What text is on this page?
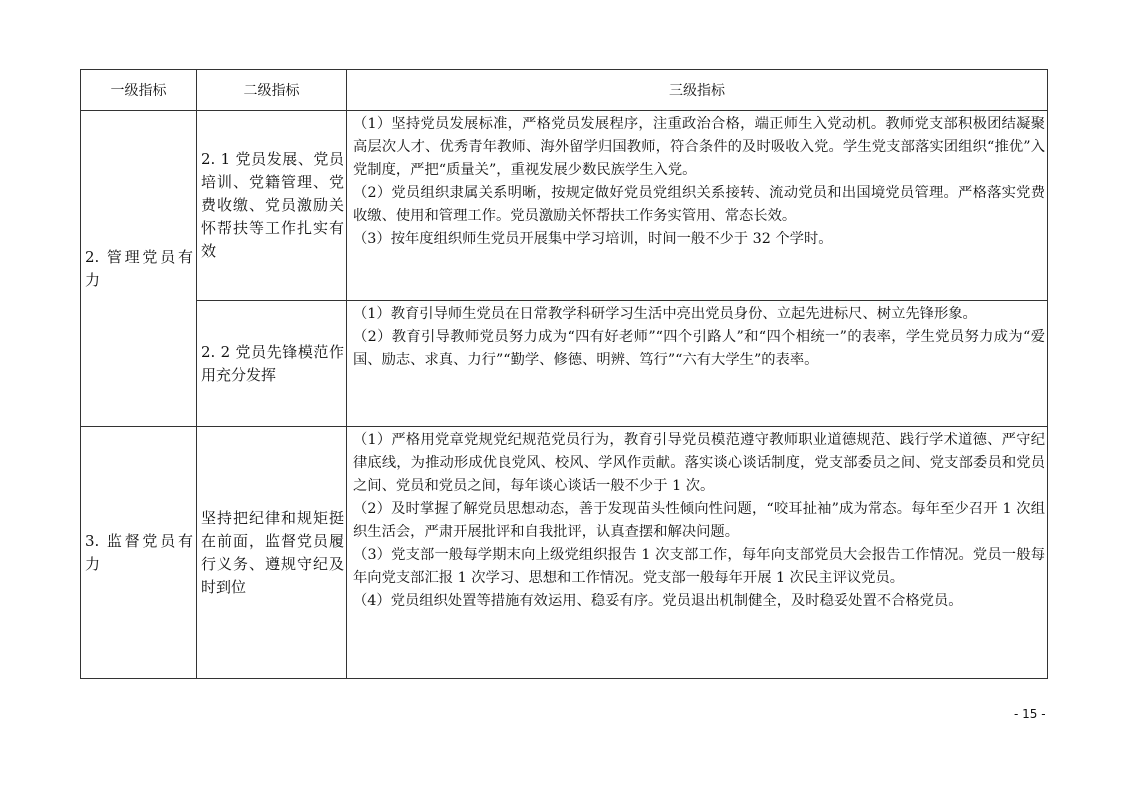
一级指标	二级指标	三级指标
2. 管理党员有力	2. 1 党员发展、党员培训、党籍管理、党费收缴、党员激励关怀帮扶等工作扎实有效	（1）坚持党员发展标准，严格党员发展程序，注重政治合格，端正师生入党动机。教师党支部积极团结凝聚高层次人才、优秀青年教师、海外留学归国教师，符合条件的及时吸收入党。学生党支部落实团组织“推优”入党制度，严把“质量关”，重视发展少数民族学生入党。

（2）党员组织隶属关系明晰，按规定做好党员党组织关系接转、流动党员和出国境党员管理。严格落实党费收缴、使用和管理工作。党员激励关怀帮扶工作务实管用、常态长效。

（3）按年度组织师生党员开展集中学习培训，时间一般不少于 32 个学时。

	2. 2 党员先锋模范作用充分发挥	（1）教育引导师生党员在日常教学科研学习生活中亮出党员身份、立起先进标尺、树立先锋形象。

（2）教育引导教师党员努力成为“四有好老师”“四个引路人”和“四个相统一”的表率，学生党员努力成为“爱国、励志、求真、力行”“勤学、修德、明辨、笃行”“六有大学生”的表率。

3. 监督党员有力	坚持把纪律和规矩挺在前面，监督党员履行义务、遵规守纪及时到位	（1）严格用党章党规党纪规范党员行为，教育引导党员模范遵守教师职业道德规范、践行学术道德、严守纪律底线，为推动形成优良党风、校风、学风作贡献。落实谈心谈话制度，党支部委员之间、党支部委员和党员之间、党员和党员之间，每年谈心谈话一般不少于 1 次。

（2）及时掌握了解党员思想动态，善于发现苗头性倾向性问题，“咬耳扯袖”成为常态。每年至少召开 1 次组织生活会，严肃开展批评和自我批评，认真查摆和解决问题。

（3）党支部一般每学期末向上级党组织报告 1 次支部工作，每年向支部党员大会报告工作情况。党员一般每年向党支部汇报 1 次学习、思想和工作情况。党支部一般每年开展 1 次民主评议党员。

（4）党员组织处置等措施有效运用、稳妥有序。党员退出机制健全，及时稳妥处置不合格党员。

- 15 -
